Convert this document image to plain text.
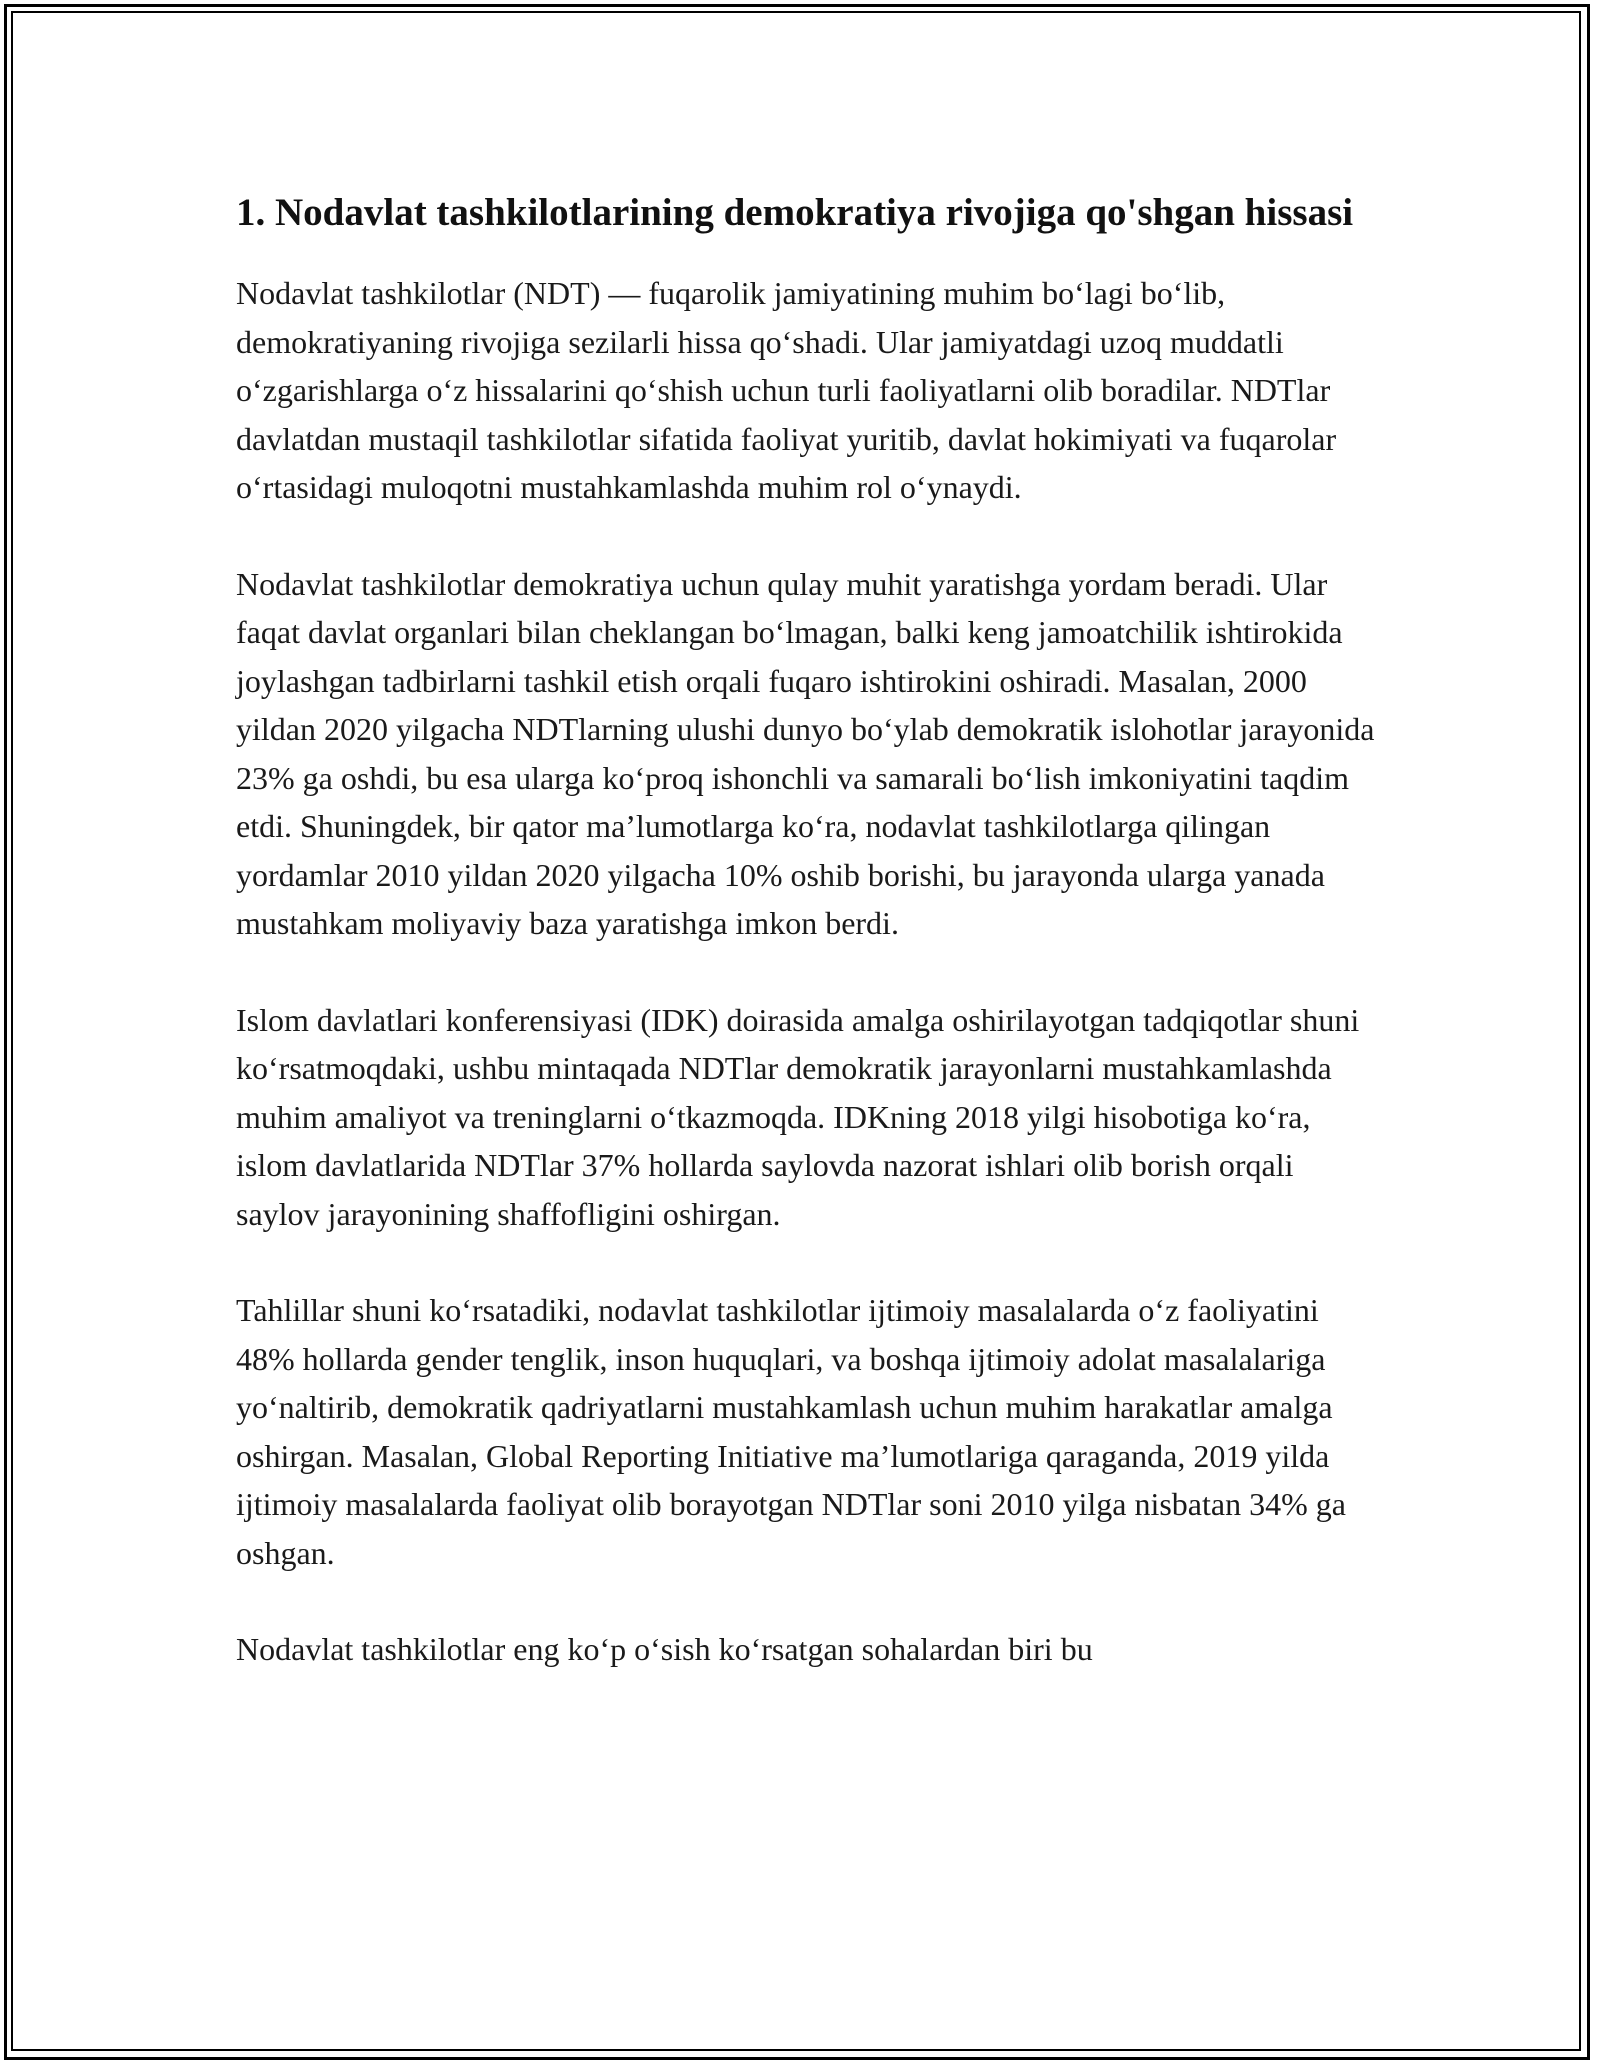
1. Nodavlat tashkilotlarining demokratiya rivojiga qo'shgan hissasi

Nodavlat tashkilotlar (NDT) — fuqarolik jamiyatining muhim bo‘lagi bo‘lib, demokratiyaning rivojiga sezilarli hissa qo‘shadi. Ular jamiyatdagi uzoq muddatli o‘zgarishlarga o‘z hissalarini qo‘shish uchun turli faoliyatlarni olib boradilar. NDTlar davlatdan mustaqil tashkilotlar sifatida faoliyat yuritib, davlat hokimiyati va fuqarolar o‘rtasidagi muloqotni mustahkamlashda muhim rol o‘ynaydi.

Nodavlat tashkilotlar demokratiya uchun qulay muhit yaratishga yordam beradi. Ular faqat davlat organlari bilan cheklangan bo‘lmagan, balki keng jamoatchilik ishtirokida joylashgan tadbirlarni tashkil etish orqali fuqaro ishtirokini oshiradi. Masalan, 2000 yildan 2020 yilgacha NDTlarning ulushi dunyo bo‘ylab demokratik islohotlar jarayonida 23% ga oshdi, bu esa ularga ko‘proq ishonchli va samarali bo‘lish imkoniyatini taqdim etdi. Shuningdek, bir qator ma’lumotlarga ko‘ra, nodavlat tashkilotlarga qilingan yordamlar 2010 yildan 2020 yilgacha 10% oshib borishi, bu jarayonda ularga yanada mustahkam moliyaviy baza yaratishga imkon berdi.

Islom davlatlari konferensiyasi (IDK) doirasida amalga oshirilayotgan tadqiqotlar shuni ko‘rsatmoqdaki, ushbu mintaqada NDTlar demokratik jarayonlarni mustahkamlashda muhim amaliyot va treninglarni o‘tkazmoqda. IDKning 2018 yilgi hisobotiga ko‘ra, islom davlatlarida NDTlar 37% hollarda saylovda nazorat ishlari olib borish orqali saylov jarayonining shaffofligini oshirgan.

Tahlillar shuni ko‘rsatadiki, nodavlat tashkilotlar ijtimoiy masalalarda o‘z faoliyatini 48% hollarda gender tenglik, inson huquqlari, va boshqa ijtimoiy adolat masalalariga yo‘naltirib, demokratik qadriyatlarni mustahkamlash uchun muhim harakatlar amalga oshirgan. Masalan, Global Reporting Initiative ma’lumotlariga qaraganda, 2019 yilda ijtimoiy masalalarda faoliyat olib borayotgan NDTlar soni 2010 yilga nisbatan 34% ga oshgan.

Nodavlat tashkilotlar eng ko‘p o‘sish ko‘rsatgan sohalardan biri bu
